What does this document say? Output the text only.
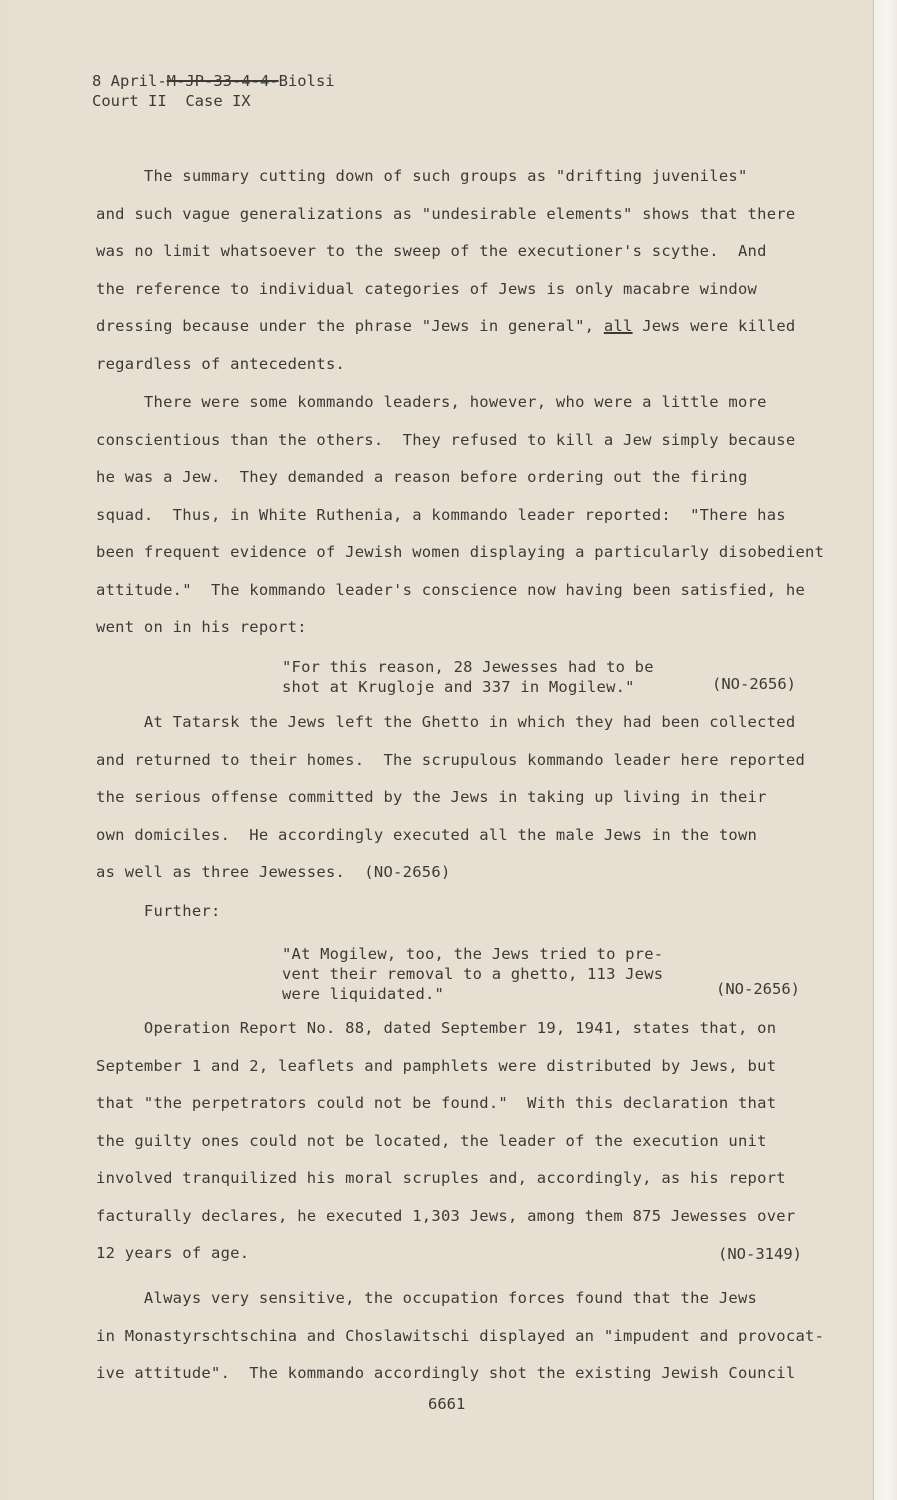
8 April-M-JP-33-4-4-Biolsi
Court II  Case IX
The summary cutting down of such groups as "drifting juveniles"
and such vague generalizations as "undesirable elements" shows that there
was no limit whatsoever to the sweep of the executioner's scythe.  And
the reference to individual categories of Jews is only macabre window
dressing because under the phrase "Jews in general", all Jews were killed
regardless of antecedents.
There were some kommando leaders, however, who were a little more
conscientious than the others.  They refused to kill a Jew simply because
he was a Jew.  They demanded a reason before ordering out the firing
squad.  Thus, in White Ruthenia, a kommando leader reported:  "There has
been frequent evidence of Jewish women displaying a particularly disobedient
attitude."  The kommando leader's conscience now having been satisfied, he
went on in his report:
"For this reason, 28 Jewesses had to be
shot at Krugloje and 337 in Mogilew."	(NO-2656)
At Tatarsk the Jews left the Ghetto in which they had been collected
and returned to their homes.  The scrupulous kommando leader here reported
the serious offense committed by the Jews in taking up living in their
own domiciles.  He accordingly executed all the male Jews in the town
as well as three Jewesses.  (NO-2656)
Further:
"At Mogilew, too, the Jews tried to pre-
vent their removal to a ghetto, 113 Jews
were liquidated."	(NO-2656)
Operation Report No. 88, dated September 19, 1941, states that, on
September 1 and 2, leaflets and pamphlets were distributed by Jews, but
that "the perpetrators could not be found."  With this declaration that
the guilty ones could not be located, the leader of the execution unit
involved tranquilized his moral scruples and, accordingly, as his report
facturally declares, he executed 1,303 Jews, among them 875 Jewesses over
12 years of age.	(NO-3149)
Always very sensitive, the occupation forces found that the Jews
in Monastyrschtschina and Choslawitschi displayed an "impudent and provocat-
ive attitude".  The kommando accordingly shot the existing Jewish Council
6661
